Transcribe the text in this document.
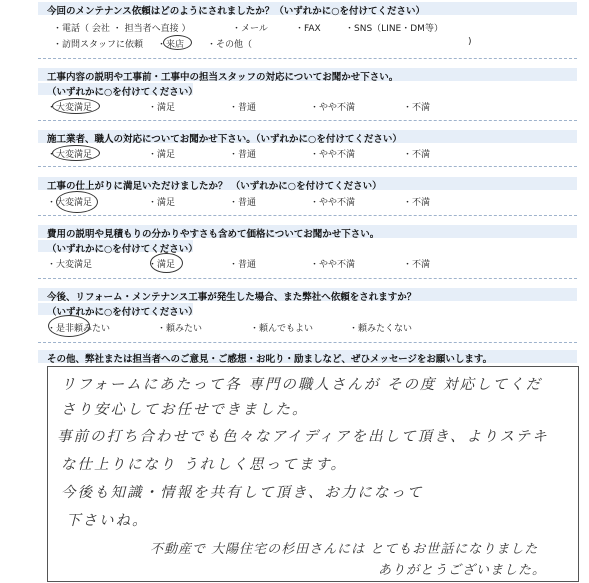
今回のメンテナンス依頼はどのようにされましたか？（いずれかに○を付けてください）
・電話（ 会社 ・ 担当者へ直接 ）	・メール	・FAX	・SNS（LINE・DM等）
・訪問スタッフに依頼 ・来店	・その他（	)
工事内容の説明や工事前・工事中の担当スタッフの対応についてお聞かせ下さい。
（いずれかに○を付けてください）
・大変満足	・満足	・普通	・やや不満	・不満
施工業者、職人の対応についてお聞かせ下さい。（いずれかに○を付けてください）
・大変満足	・満足	・普通	・やや不満	・不満
工事の仕上がりに満足いただけましたか？ （いずれかに○を付けてください）
・大変満足	・満足	・普通	・やや不満	・不満
費用の説明や見積もりの分かりやすさも含めて価格についてお聞かせ下さい。
（いずれかに○を付けてください）
・大変満足	・満足	・普通	・やや不満	・不満
今後、リフォーム・メンテナンス工事が発生した場合、また弊社へ依頼をされますか？
（いずれかに○を付けてください）
・是非頼みたい	・頼みたい	・頼んでもよい	・頼みたくない
その他、弊社または担当者へのご意見・ご感想・お叱り・励ましなど、ぜひメッセージをお願いします。
リフォームにあたって各 専門の職人さんが その度 対応してくだ
さり安心してお任せできました。
事前の打ち合わせでも色々なアイディアを出して頂き、よりステキ
な仕上りになり うれしく思ってます。
今後も知識・情報を共有して頂き、お力になって
下さいね。
不動産で 大陽住宅の杉田さんには とてもお世話になりました
ありがとうございました。
